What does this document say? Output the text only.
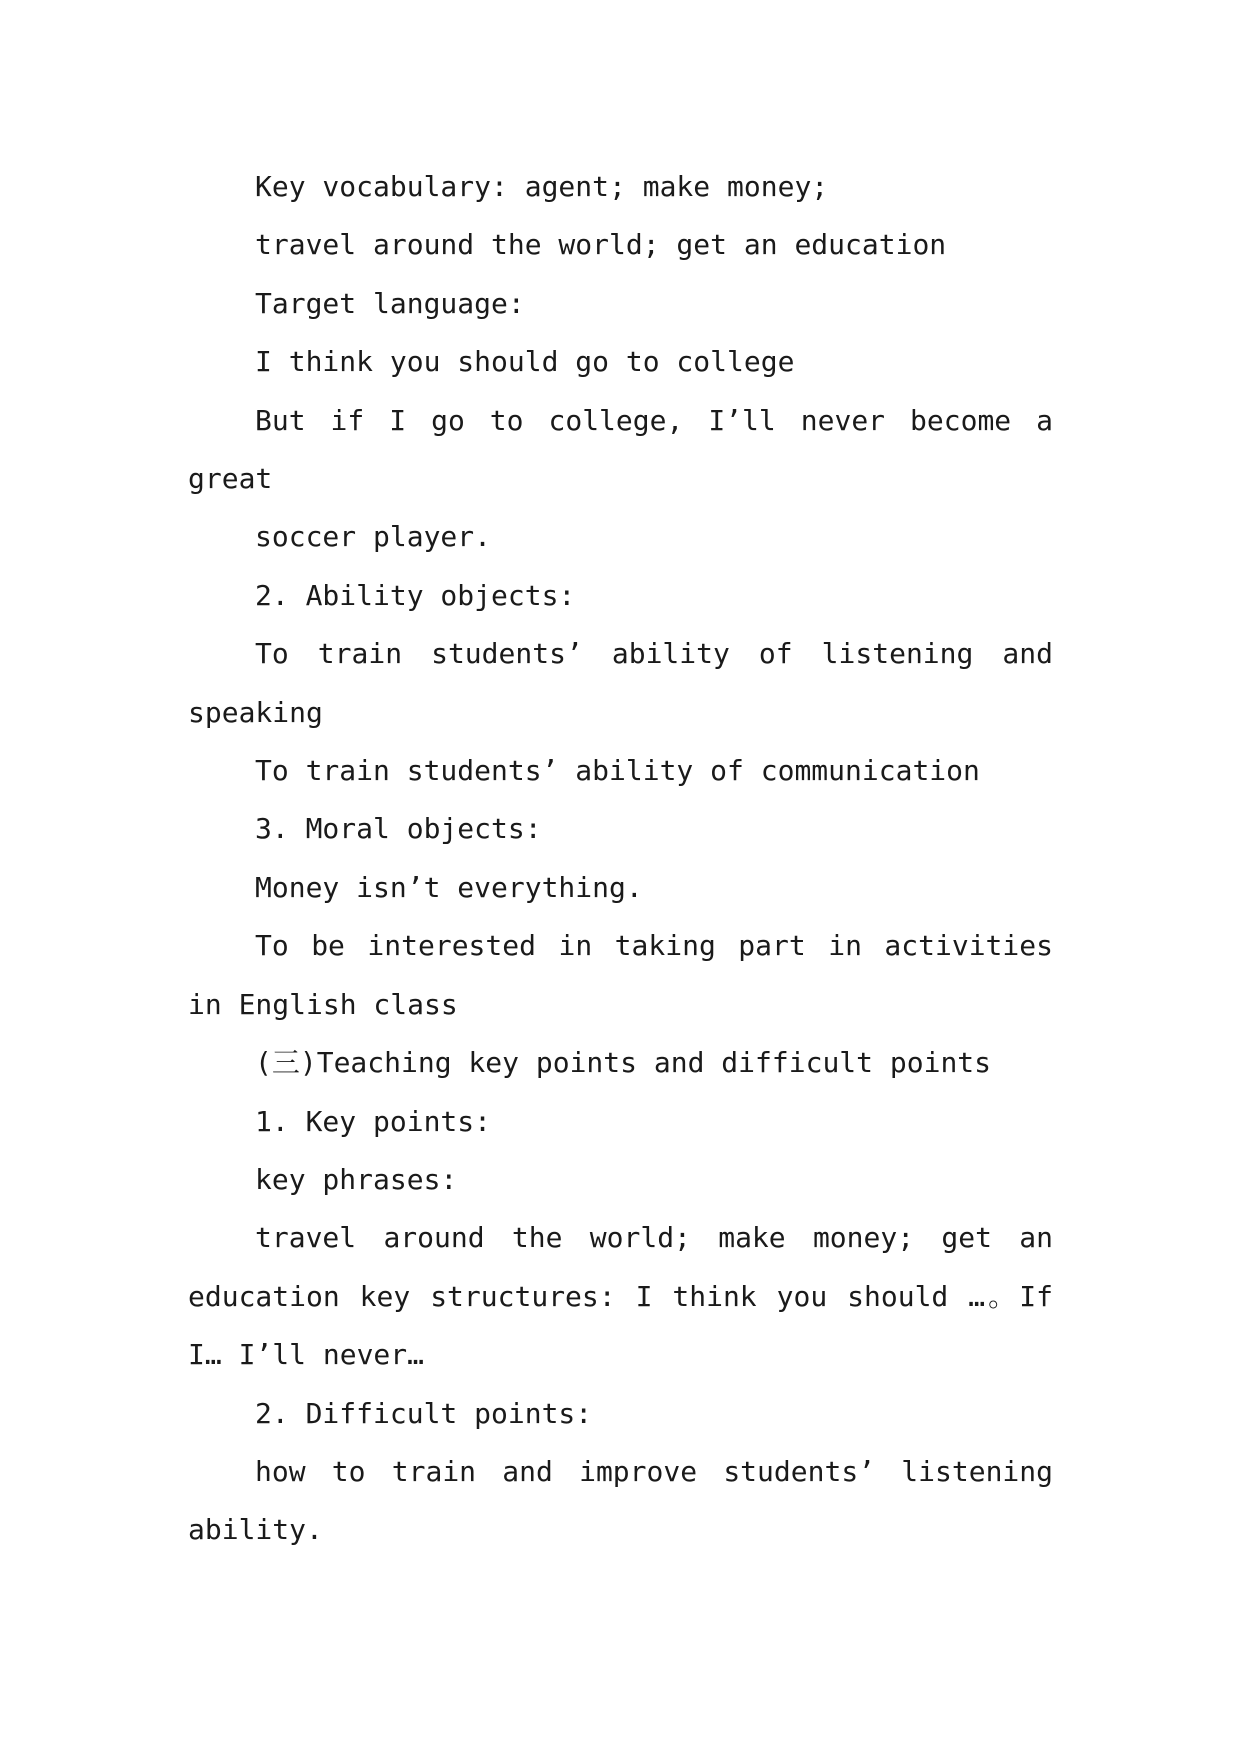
Key vocabulary: agent; make money;

travel around the world; get an education

Target language:

I think you should go to college

But if I go to college, I’ll never become a great

soccer player.

2. Ability objects:

To train students’ ability of listening and speaking

To train students’ ability of communication

3. Moral objects:

Money isn’t everything.

To be interested in taking part in activities in English class

(三)Teaching key points and difficult points

1. Key points:

key phrases:

travel around the world; make money; get an education key structures: I think you should …。If I… I’ll never…

2. Difficult points:

how to train and improve students’ listening ability.
